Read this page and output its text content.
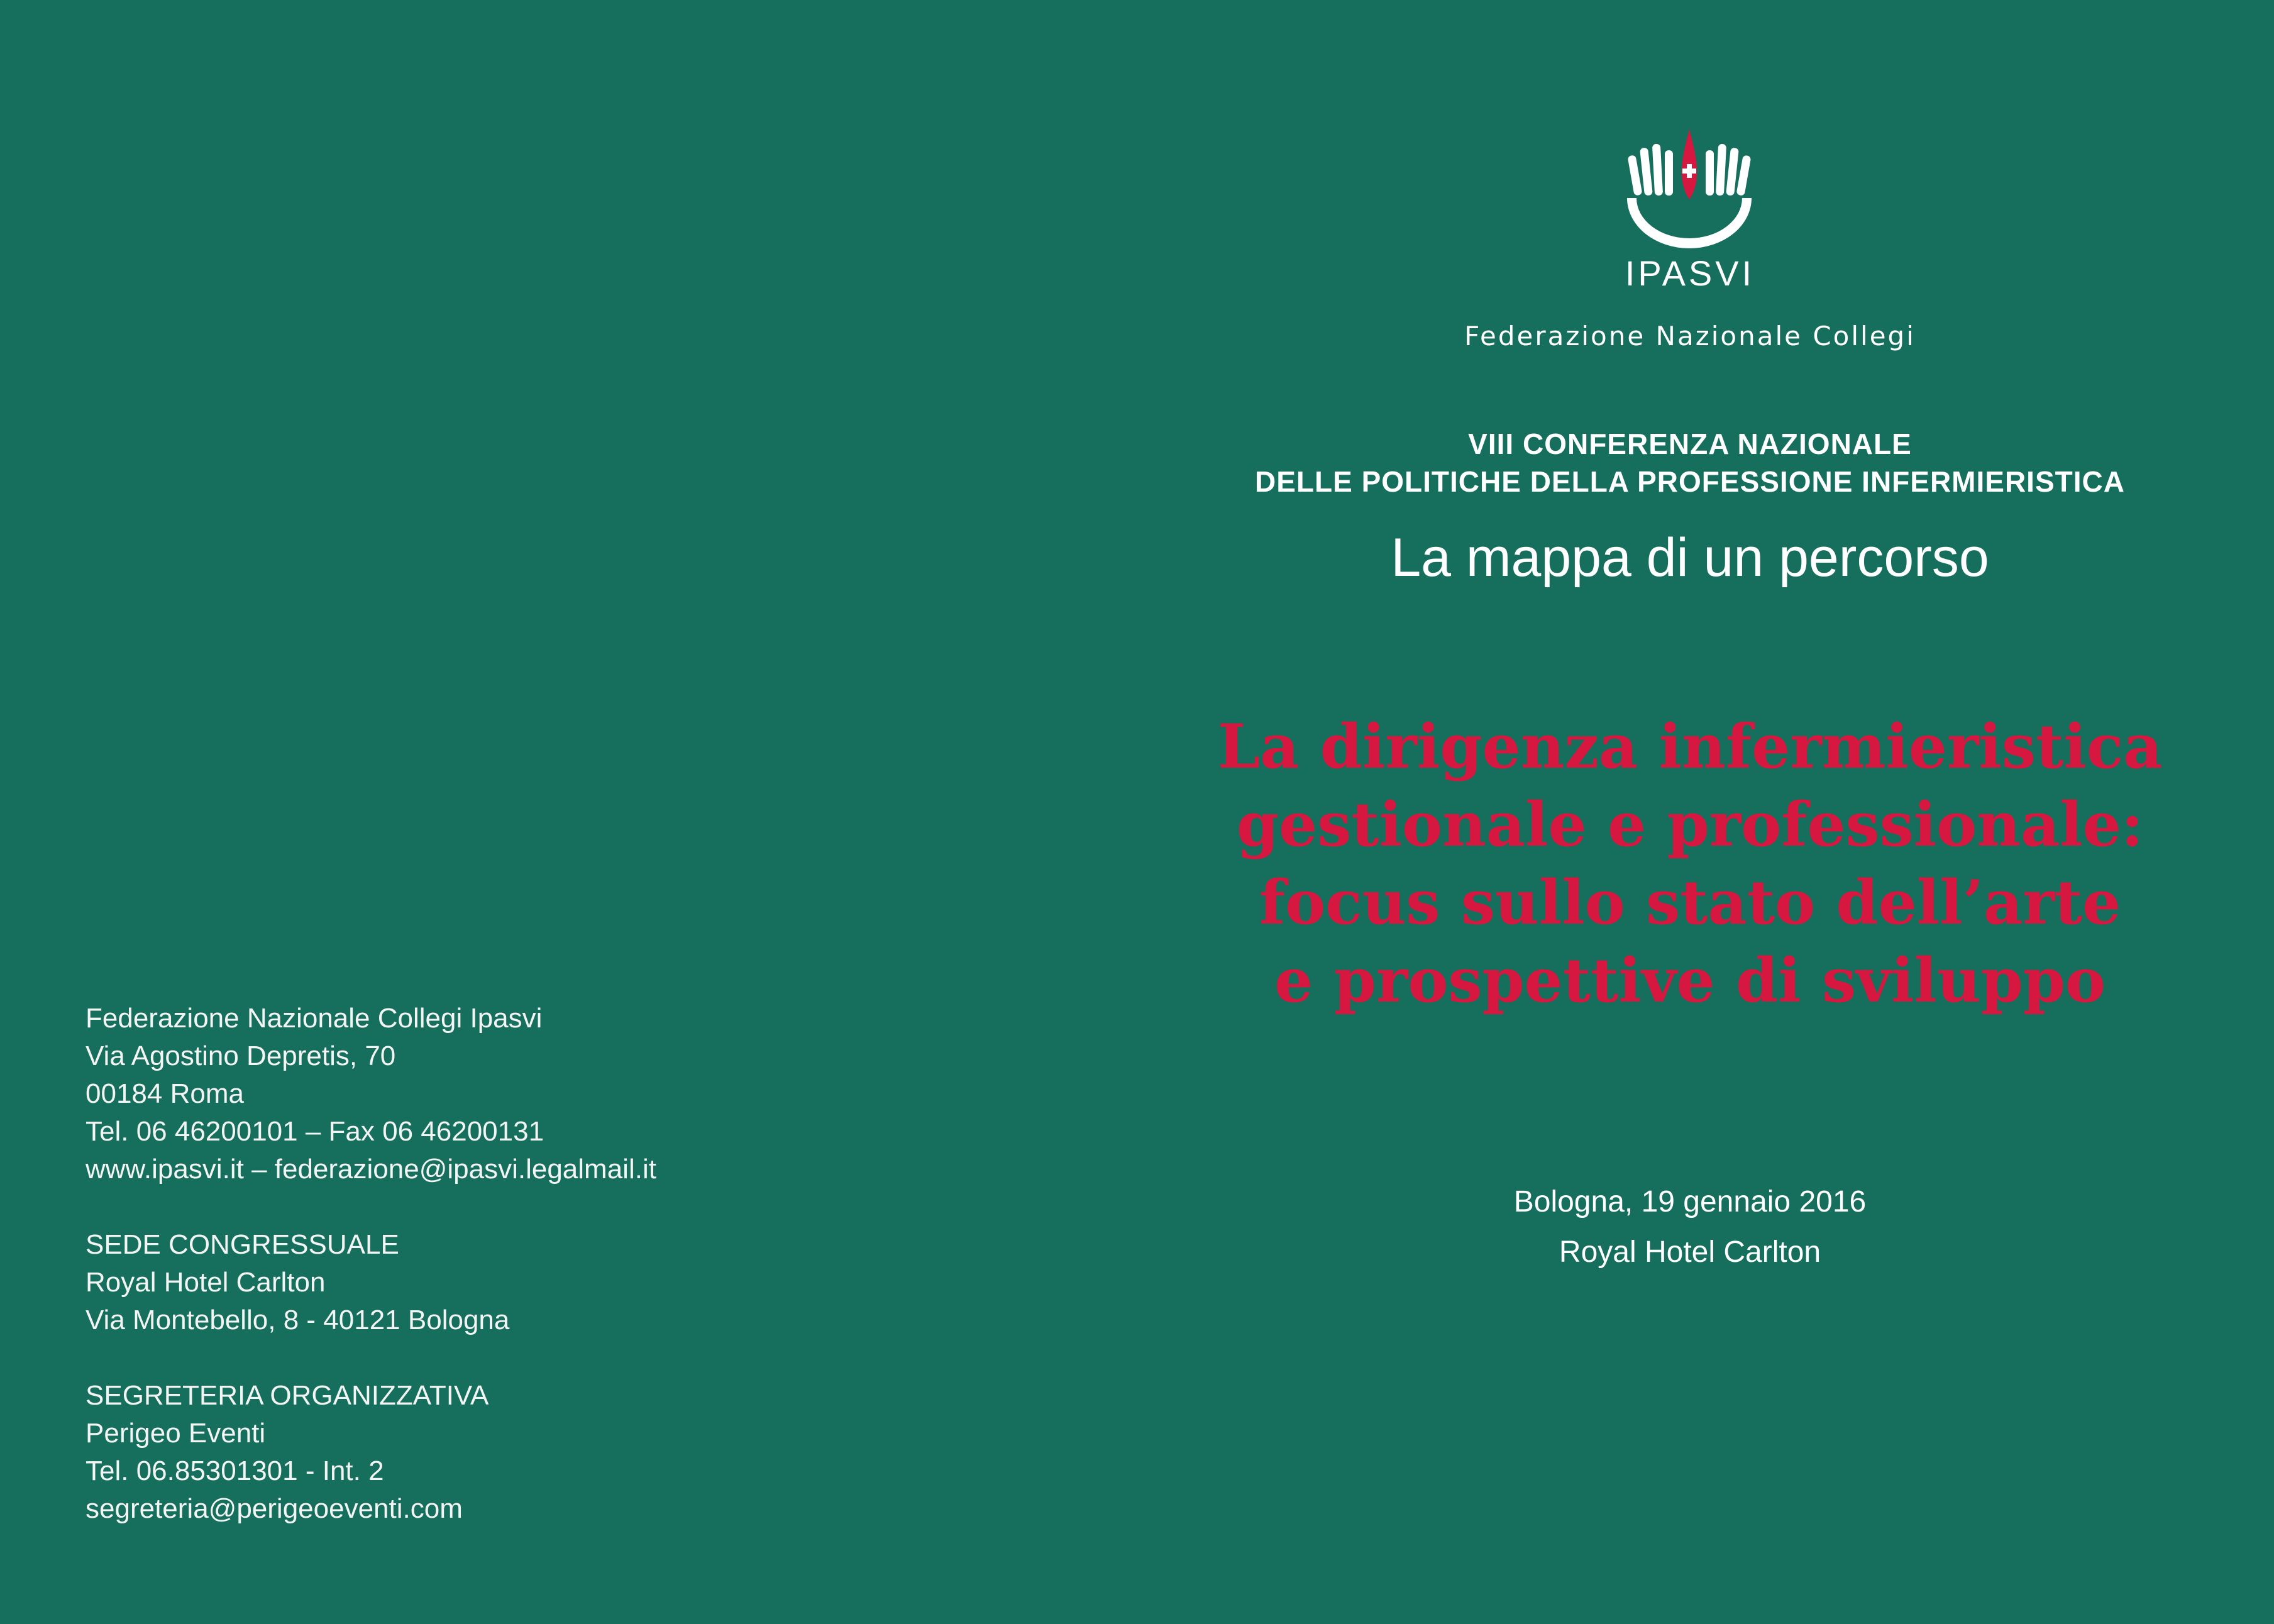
Federazione Nazionale Collegi Ipasvi
Via Agostino Depretis, 70
00184 Roma
Tel. 06 46200101 – Fax 06 46200131
www.ipasvi.it – federazione@ipasvi.legalmail.it
SEDE CONGRESSUALE
Royal Hotel Carlton
Via Montebello, 8 - 40121 Bologna
SEGRETERIA ORGANIZZATIVA
Perigeo Eventi
Tel. 06.85301301 - Int. 2
segreteria@perigeoeventi.com
IPASVI
Federazione Nazionale Collegi
VIII CONFERENZA NAZIONALE
DELLE POLITICHE DELLA PROFESSIONE INFERMIERISTICA
La mappa di un percorso
La dirigenza infermieristica
gestionale e professionale:
focus sullo stato dell’arte
e prospettive di sviluppo
Bologna, 19 gennaio 2016
Royal Hotel Carlton
